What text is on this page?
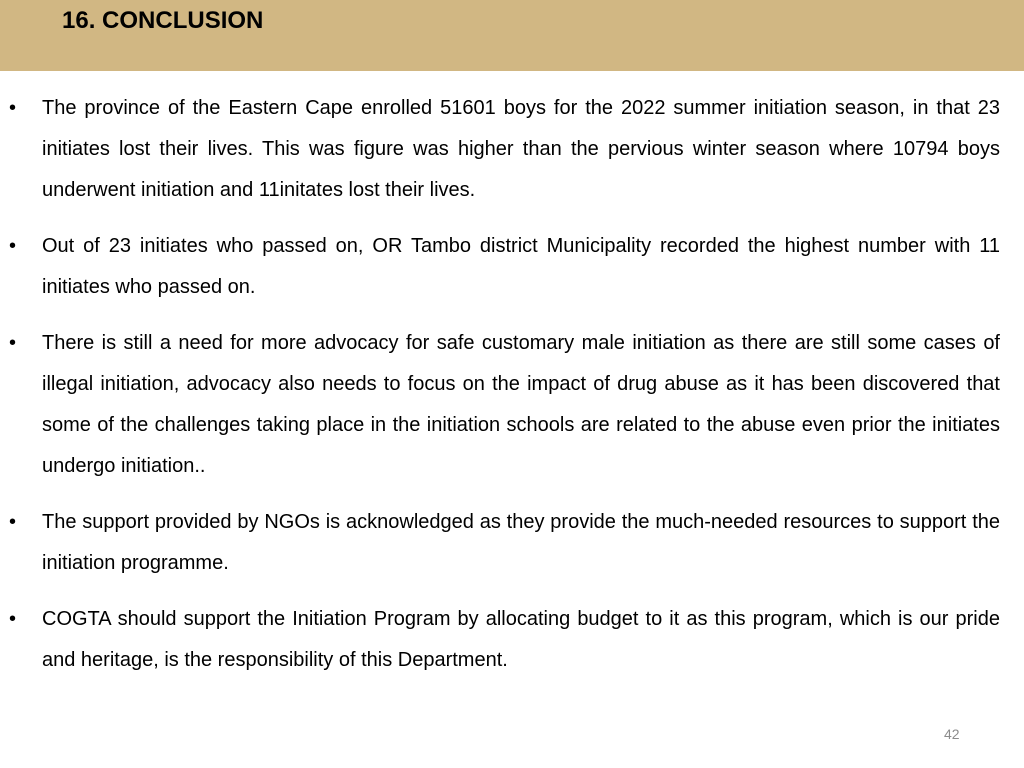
16. CONCLUSION
• The province of the Eastern Cape enrolled 51601 boys for the 2022 summer initiation season, in that 23 initiates lost their lives. This was figure was higher than the pervious winter season where 10794 boys underwent initiation and 11initates lost their lives.
• Out of 23 initiates who passed on, OR Tambo district Municipality recorded the highest number with 11 initiates who passed on.
• There is still a need for more advocacy for safe customary male initiation as there are still some cases of illegal initiation, advocacy also needs to focus on the impact of drug abuse as it has been discovered that some of the challenges taking place in the initiation schools are related to the abuse even prior the initiates undergo initiation..
• The support provided by NGOs is acknowledged as they provide the much-needed resources to support the initiation programme.
• COGTA should support the Initiation Program by allocating budget to it as this program, which is our pride and heritage, is the responsibility of this Department.
42
